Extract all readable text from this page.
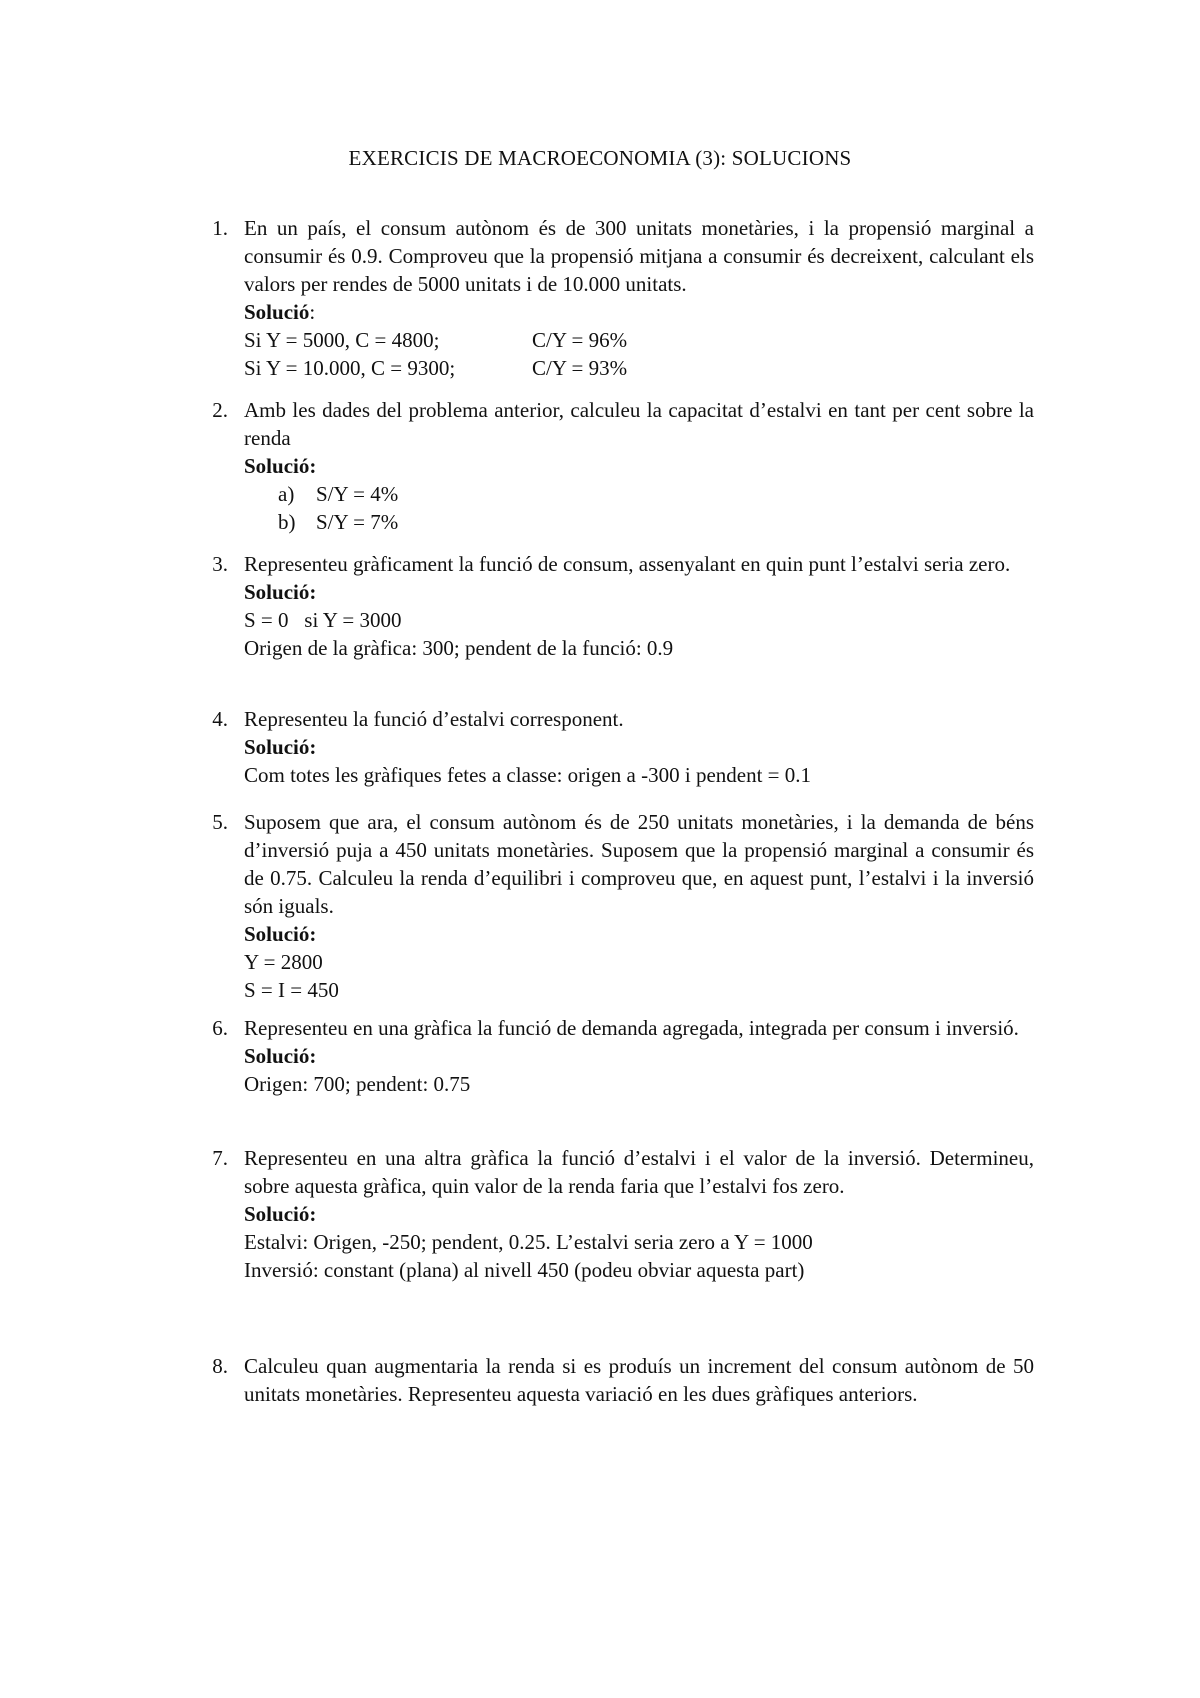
EXERCICIS DE MACROECONOMIA (3): SOLUCIONS
1. En un país, el consum autònom és de 300 unitats monetàries, i la propensió marginal a consumir és 0.9. Comproveu que la propensió mitjana a consumir és decreixent, calculant els valors per rendes de 5000 unitats i de 10.000 unitats.
Solució:
Si Y = 5000, C = 4800;	C/Y = 96%
Si Y = 10.000, C = 9300;	C/Y = 93%
2. Amb les dades del problema anterior, calculeu la capacitat d’estalvi en tant per cent sobre la renda
Solució:
a) S/Y = 4%
b) S/Y = 7%
3. Representeu gràficament la funció de consum, assenyalant en quin punt l’estalvi seria zero.
Solució:
S = 0   si Y = 3000
Origen de la gràfica: 300; pendent de la funció: 0.9
4. Representeu la funció d’estalvi corresponent.
Solució:
Com totes les gràfiques fetes a classe: origen a -300 i pendent = 0.1
5. Suposem que ara, el consum autònom és de 250 unitats monetàries, i la demanda de béns d’inversió puja a 450 unitats monetàries. Suposem que la propensió marginal a consumir és de 0.75. Calculeu la renda d’equilibri i comproveu que, en aquest punt, l’estalvi i la inversió són iguals.
Solució:
Y = 2800
S = I = 450
6. Representeu en una gràfica la funció de demanda agregada, integrada per consum i inversió.
Solució:
Origen: 700; pendent: 0.75
7. Representeu en una altra gràfica la funció d’estalvi i el valor de la inversió. Determineu, sobre aquesta gràfica, quin valor de la renda faria que l’estalvi fos zero.
Solució:
Estalvi: Origen, -250; pendent, 0.25. L’estalvi seria zero a Y = 1000
Inversió: constant (plana) al nivell 450 (podeu obviar aquesta part)
8. Calculeu quan augmentaria la renda si es produís un increment del consum autònom de 50 unitats monetàries. Representeu aquesta variació en les dues gràfiques anteriors.
